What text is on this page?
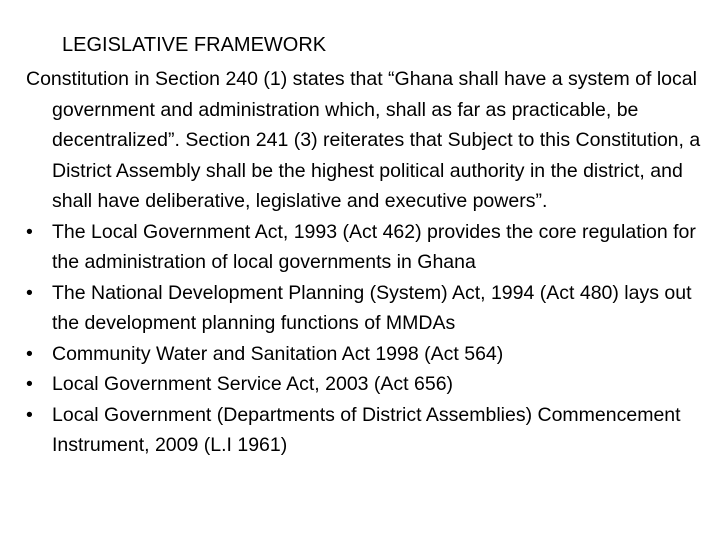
LEGISLATIVE FRAMEWORK

Constitution in Section 240 (1) states that “Ghana shall have a system of local government and administration which, shall as far as practicable, be decentralized”. Section 241 (3) reiterates that Subject to this Constitution, a District Assembly shall be the highest political authority in the district, and shall have deliberative, legislative and executive powers”.

• The Local Government Act, 1993 (Act 462) provides the core regulation for the administration of local governments in Ghana
• The National Development Planning (System) Act, 1994 (Act 480) lays out the development planning functions of MMDAs
• Community Water and Sanitation Act 1998 (Act 564)
• Local Government Service Act, 2003 (Act 656)
• Local Government (Departments of District Assemblies) Commencement Instrument, 2009 (L.I 1961)
